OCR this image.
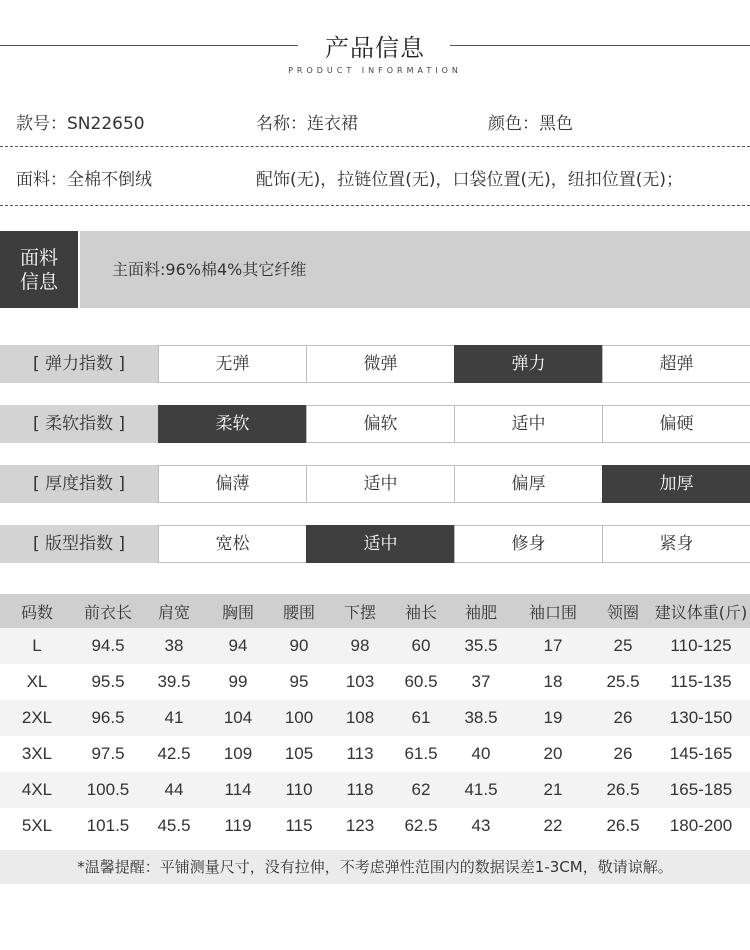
产品信息
PRODUCT INFORMATION
款号：SN22650	名称：连衣裙	颜色：黑色
面料：全棉不倒绒	配饰(无)，拉链位置(无)，口袋位置(无)，纽扣位置(无)；
面料
信息
主面料:96%棉4%其它纤维
[ 弹力指数 ]	无弹	微弹	弹力	超弹
[ 柔软指数 ]	柔软	偏软	适中	偏硬
[ 厚度指数 ]	偏薄	适中	偏厚	加厚
[ 版型指数 ]	宽松	适中	修身	紧身
码数	前衣长	肩宽	胸围	腰围	下摆	袖长	袖肥	袖口围	领圈	建议体重(斤)
L	94.5	38	94	90	98	60	35.5	17	25	110-125
XL	95.5	39.5	99	95	103	60.5	37	18	25.5	115-135
2XL	96.5	41	104	100	108	61	38.5	19	26	130-150
3XL	97.5	42.5	109	105	113	61.5	40	20	26	145-165
4XL	100.5	44	114	110	118	62	41.5	21	26.5	165-185
5XL	101.5	45.5	119	115	123	62.5	43	22	26.5	180-200
*温馨提醒：平铺测量尺寸，没有拉伸，不考虑弹性范围内的数据误差1-3CM，敬请谅解。
